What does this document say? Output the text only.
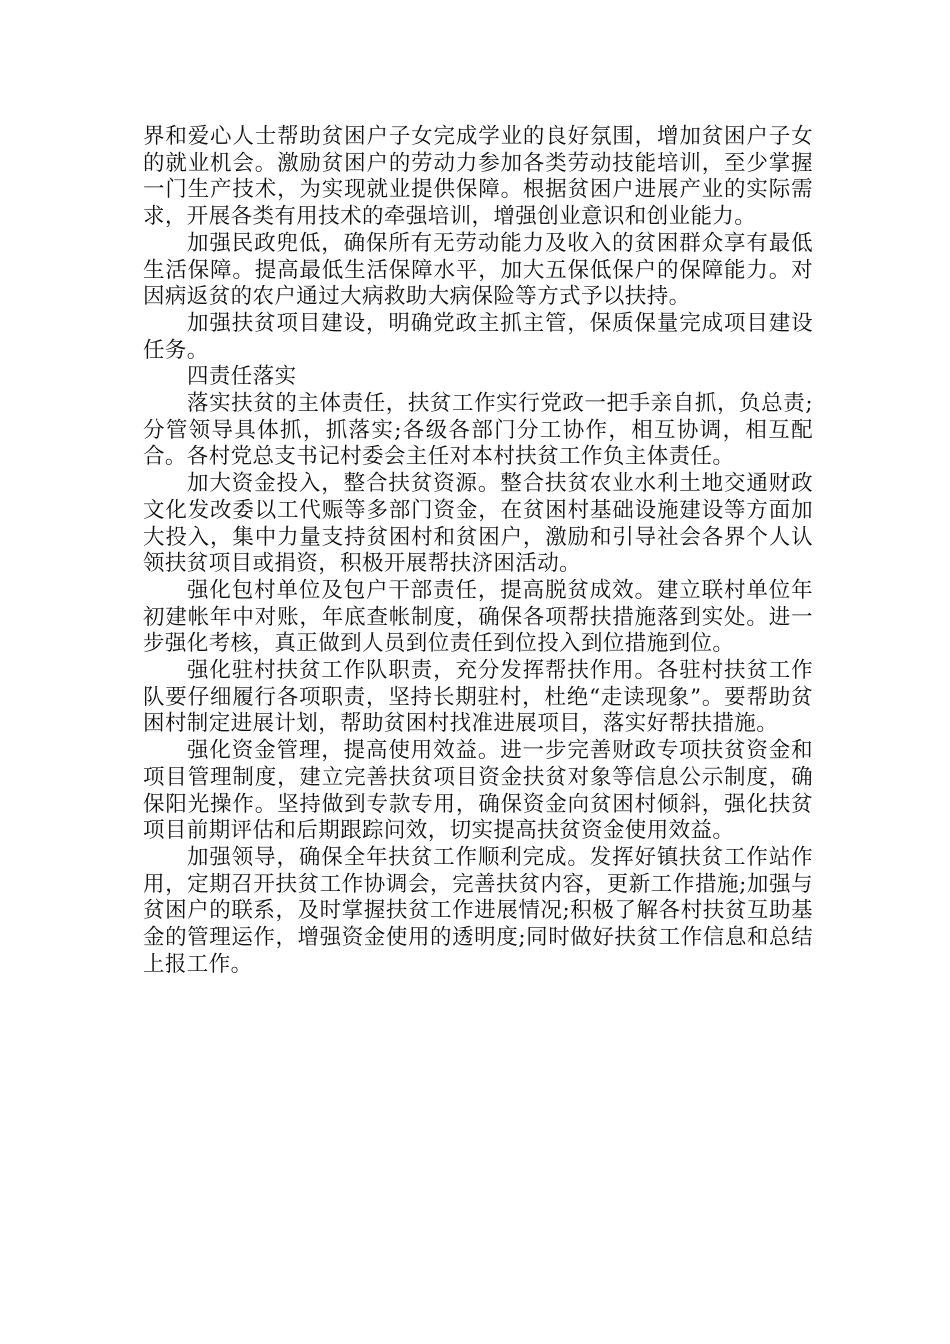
界和爱心人士帮助贫困户子女完成学业的良好氛围，增加贫困户子女的就业机会。激励贫困户的劳动力参加各类劳动技能培训，至少掌握一门生产技术，为实现就业提供保障。根据贫困户进展产业的实际需求，开展各类有用技术的牵强培训，增强创业意识和创业能力。

加强民政兜低，确保所有无劳动能力及收入的贫困群众享有最低生活保障。提高最低生活保障水平，加大五保低保户的保障能力。对因病返贫的农户通过大病救助大病保险等方式予以扶持。

加强扶贫项目建设，明确党政主抓主管，保质保量完成项目建设任务。

四责任落实

落实扶贫的主体责任，扶贫工作实行党政一把手亲自抓，负总责;分管领导具体抓，抓落实;各级各部门分工协作，相互协调，相互配合。各村党总支书记村委会主任对本村扶贫工作负主体责任。

加大资金投入，整合扶贫资源。整合扶贫农业水利土地交通财政文化发改委以工代赈等多部门资金，在贫困村基础设施建设等方面加大投入，集中力量支持贫困村和贫困户，激励和引导社会各界个人认领扶贫项目或捐资，积极开展帮扶济困活动。

强化包村单位及包户干部责任，提高脱贫成效。建立联村单位年初建帐年中对账，年底查帐制度，确保各项帮扶措施落到实处。进一步强化考核，真正做到人员到位责任到位投入到位措施到位。

强化驻村扶贫工作队职责，充分发挥帮扶作用。各驻村扶贫工作队要仔细履行各项职责，坚持长期驻村，杜绝“走读现象”。要帮助贫困村制定进展计划，帮助贫困村找准进展项目，落实好帮扶措施。

强化资金管理，提高使用效益。进一步完善财政专项扶贫资金和项目管理制度，建立完善扶贫项目资金扶贫对象等信息公示制度，确保阳光操作。坚持做到专款专用，确保资金向贫困村倾斜，强化扶贫项目前期评估和后期跟踪问效，切实提高扶贫资金使用效益。

加强领导，确保全年扶贫工作顺利完成。发挥好镇扶贫工作站作用，定期召开扶贫工作协调会，完善扶贫内容，更新工作措施;加强与贫困户的联系，及时掌握扶贫工作进展情况;积极了解各村扶贫互助基金的管理运作，增强资金使用的透明度;同时做好扶贫工作信息和总结上报工作。
